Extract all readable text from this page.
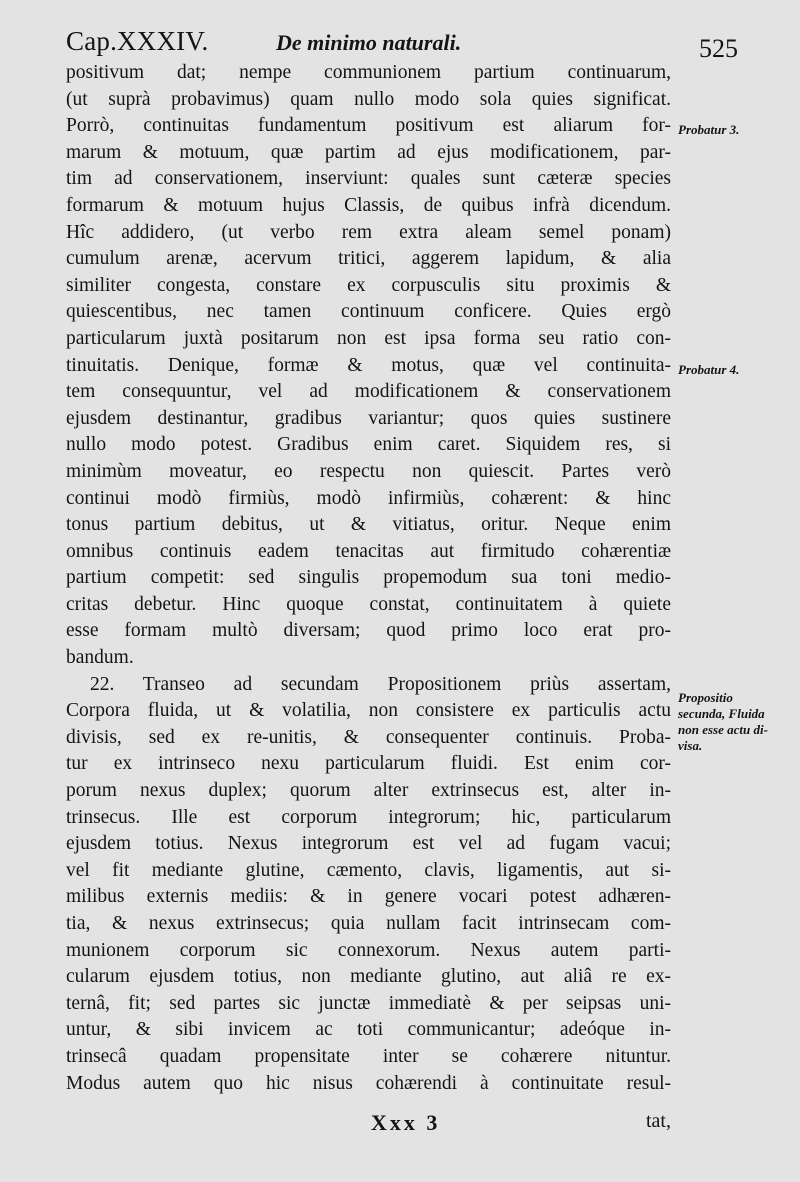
Cap.XXXIV.	De minimo naturali.	525
positivum dat; nempe communionem partium continuarum,
(ut suprà probavimus) quam nullo modo sola quies significat.
Porrò, continuitas fundamentum positivum est aliarum for-
marum & motuum, quæ partim ad ejus modificationem, par-
tim ad conservationem, inserviunt: quales sunt cæteræ species
formarum & motuum hujus Classis, de quibus infrà dicendum.
Hîc addidero, (ut verbo rem extra aleam semel ponam)
cumulum arenæ, acervum tritici, aggerem lapidum, & alia
similiter congesta, constare ex corpusculis situ proximis &
quiescentibus, nec tamen continuum conficere. Quies ergò
particularum juxtà positarum non est ipsa forma seu ratio con-
tinuitatis. Denique, formæ & motus, quæ vel continuita-
tem consequuntur, vel ad modificationem & conservationem
ejusdem destinantur, gradibus variantur; quos quies sustinere
nullo modo potest. Gradibus enim caret. Siquidem res, si
minimùm moveatur, eo respectu non quiescit. Partes verò
continui modò firmiùs, modò infirmiùs, cohærent: & hinc
tonus partium debitus, ut & vitiatus, oritur. Neque enim
omnibus continuis eadem tenacitas aut firmitudo cohærentiæ
partium competit: sed singulis propemodum sua toni medio-
critas debetur. Hinc quoque constat, continuitatem à quiete
esse formam multò diversam; quod primo loco erat pro-
bandum.
22. Transeo ad secundam Propositionem priùs assertam,
Corpora fluida, ut & volatilia, non consistere ex particulis actu
divisis, sed ex re-unitis, & consequenter continuis. Proba-
tur ex intrinseco nexu particularum fluidi. Est enim cor-
porum nexus duplex; quorum alter extrinsecus est, alter in-
trinsecus. Ille est corporum integrorum; hic, particularum
ejusdem totius. Nexus integrorum est vel ad fugam vacui;
vel fit mediante glutine, cæmento, clavis, ligamentis, aut si-
milibus externis mediis: & in genere vocari potest adhæren-
tia, & nexus extrinsecus; quia nullam facit intrinsecam com-
munionem corporum sic connexorum. Nexus autem parti-
cularum ejusdem totius, non mediante glutino, aut aliâ re ex-
ternâ, fit; sed partes sic junctæ immediatè & per seipsas uni-
untur, & sibi invicem ac toti communicantur; adeóque in-
trinsecâ quadam propensitate inter se cohærere nituntur.
Modus autem quo hic nisus cohærendi à continuitate resul-
Probatur 3.
Probatur 4.
Propositio secunda, Fluida non esse actu di-visa.
Xxx 3	tat,
